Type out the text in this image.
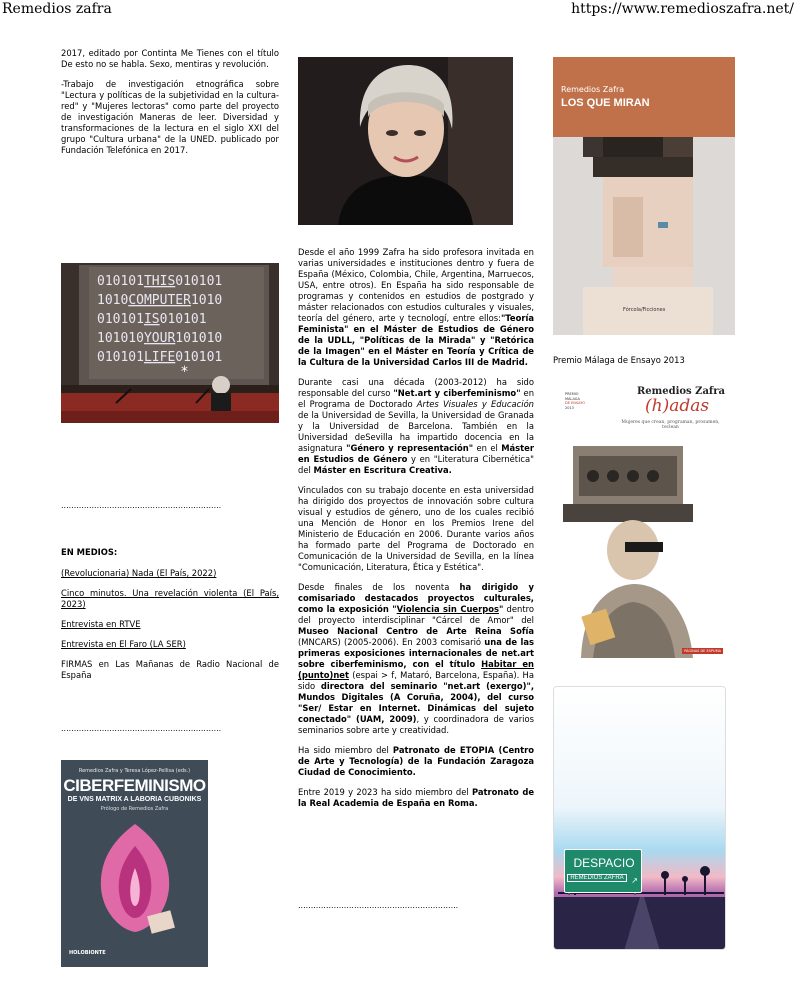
Remedios zafra	https://www.remedioszafra.net/

2017, editado por Continta Me Tienes con el título De esto no se habla. Sexo, mentiras y revolución.

-Trabajo de investigación etnográfica sobre "Lectura y políticas de la subjetividad en la cultura-red" y "Mujeres lectoras" como parte del proyecto de investigación Maneras de leer. Diversidad y transformaciones de la lectura en el siglo XXI del grupo "Cultura urbana" de la UNED. publicado por Fundación Telefónica en 2017.

010101THIS010101
1010COMPUTER1010
010101IS010101
101010YOUR101010
010101LIFE010101
*
...............................................................
EN MEDIOS:
(Revolucionaria) Nada (El País, 2022)
Cinco minutos. Una revelación violenta (El País, 2023)
Entrevista en RTVE
Entrevista en El Faro (LA SER)

FIRMAS en Las Mañanas de Radio Nacional de España

...............................................................
Remedios Zafra y Teresa López-Pellisa (eds.)
CIBERFEMINISMO
DE VNS MATRIX A LABORIA CUBONIKS
Prólogo de Remedios Zafra
HOLOBIONTE

Desde el año 1999 Zafra ha sido profesora invitada en varias universidades e instituciones dentro y fuera de España (México, Colombia, Chile, Argentina, Marruecos, USA, entre otros). En España ha sido responsable de programas y contenidos en estudios de postgrado y máster relacionados con estudios culturales y visuales, teoría del género, arte y tecnologí, entre ellos:"Teoría Feminista" en el Máster de Estudios de Género de la UDLL, "Políticas de la Mirada" y "Retórica de la Imagen" en el Máster en Teoría y Crítica de la Cultura de la Universidad Carlos III de Madrid.

Durante casi una década (2003-2012) ha sido responsable del curso "Net.art y ciberfeminismo" en el Programa de Doctorado Artes Visuales y Educación de la Universidad de Sevilla, la Universidad de Granada y la Universidad de Barcelona. También en la Universidad deSevilla ha impartido docencia en la asignatura "Género y representación" en el Máster en Estudios de Género y en "Literatura Cibernética" del Máster en Escritura Creativa.

Vinculados con su trabajo docente en esta universidad ha dirigido dos proyectos de innovación sobre cultura visual y estudios de género, uno de los cuales recibió una Mención de Honor en los Premios Irene del Ministerio de Educación en 2006. Durante varios años ha formado parte del Programa de Doctorado en Comunicación de la Universidad de Sevilla, en la línea "Comunicación, Literatura, Ética y Estética".

Desde finales de los noventa ha dirigido y comisariado destacados proyectos culturales, como la exposición "Violencia sin Cuerpos" dentro del proyecto interdisciplinar "Cárcel de Amor" del Museo Nacional Centro de Arte Reina Sofía (MNCARS) (2005-2006). En 2003 comisarió una de las primeras exposiciones internacionales de net.art sobre ciberfeminismo, con el título Habitar en (punto)net (espai > f, Mataró, Barcelona, España). Ha sido directora del seminario "net.art (exergo)", Mundos Digitales (A Coruña, 2004), del curso "Ser/ Estar en Internet. Dinámicas del sujeto conectado" (UAM, 2009), y coordinadora de varios seminarios sobre arte y creatividad.

Ha sido miembro del Patronato de ETOPIA (Centro de Arte y Tecnología) de la Fundación Zaragoza Ciudad de Conocimiento.

Entre 2019 y 2023 ha sido miembro del Patronato de la Real Academia de España en Roma.

...............................................................
Remedios Zafra
LOS QUE MIRAN
Fórcola/Ficciones
Premio Málaga de Ensayo 2013
PREMIO
MÁLAGA
DE ENSAYO
2013
Remedios Zafra
(h)adas
Mujeres que crean, programan, prosumen, teclean
PÁGINAS DE ESPUMA
DESPACIO
REMEDIOS ZAFRA ↗
